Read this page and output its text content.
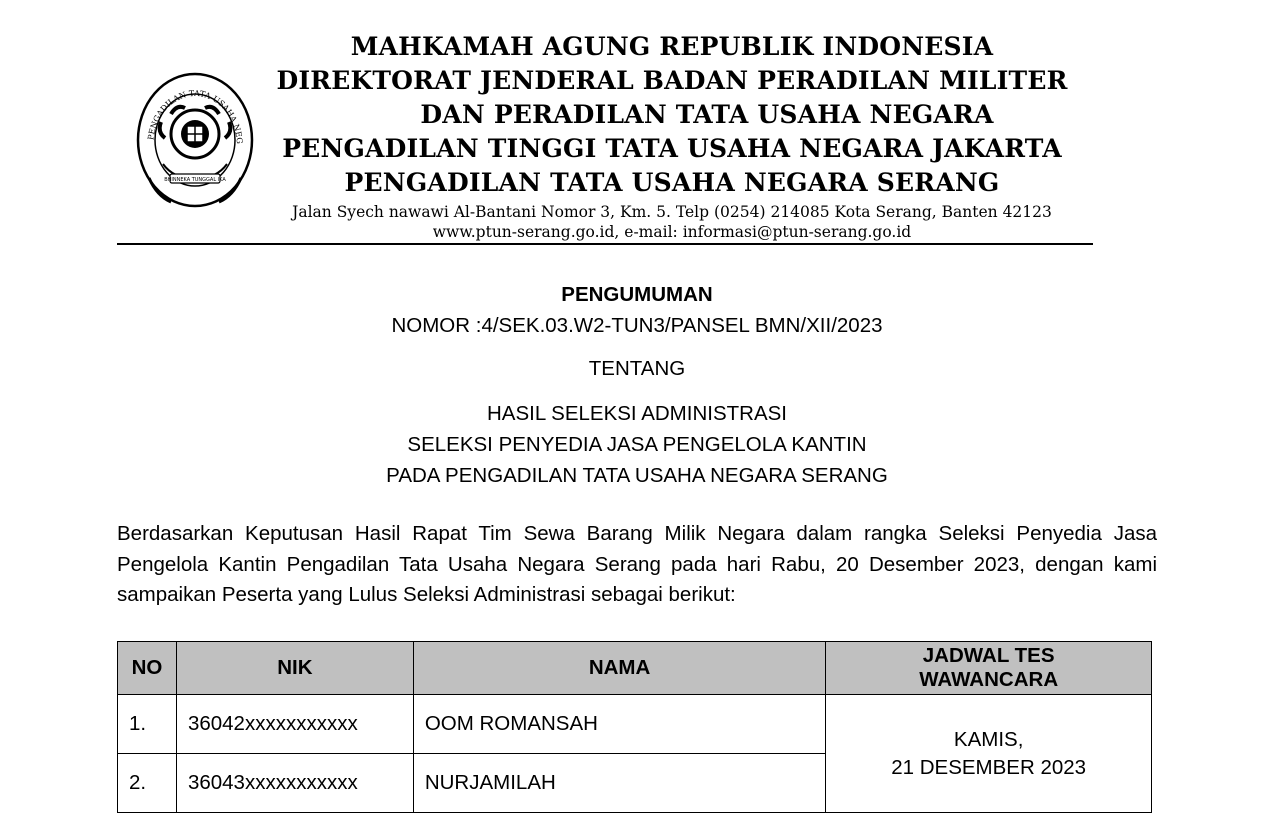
PENGADILAN TATA USAHA NEG
BHINNEKA TUNGGAL IKA
MAHKAMAH AGUNG REPUBLIK INDONESIA
DIREKTORAT JENDERAL BADAN PERADILAN MILITER
DAN PERADILAN TATA USAHA NEGARA
PENGADILAN TINGGI TATA USAHA NEGARA JAKARTA
PENGADILAN TATA USAHA NEGARA SERANG
Jalan Syech nawawi Al-Bantani Nomor 3, Km. 5. Telp (0254) 214085 Kota Serang, Banten 42123
www.ptun-serang.go.id, e-mail: informasi@ptun-serang.go.id
PENGUMUMAN
NOMOR :4/SEK.03.W2-TUN3/PANSEL BMN/XII/2023
TENTANG
HASIL SELEKSI ADMINISTRASI
SELEKSI PENYEDIA JASA PENGELOLA KANTIN
PADA PENGADILAN TATA USAHA NEGARA SERANG
Berdasarkan Keputusan Hasil Rapat Tim Sewa Barang Milik Negara dalam rangka Seleksi Penyedia Jasa Pengelola Kantin Pengadilan Tata Usaha Negara Serang pada hari Rabu, 20 Desember 2023, dengan kami sampaikan Peserta yang Lulus Seleksi Administrasi sebagai berikut:
NO	NIK	NAMA	JADWAL TES
WAWANCARA

1.	36042xxxxxxxxxxx	OOM ROMANSAH	KAMIS,
21 DESEMBER 2023

2.	36043xxxxxxxxxxx	NURJAMILAH	
